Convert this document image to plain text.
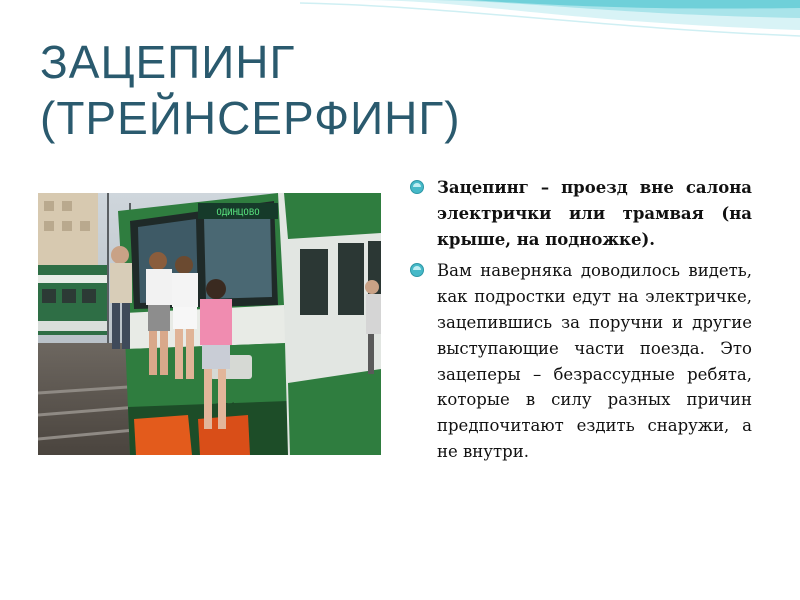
ЗАЦЕПИНГ
(ТРЕЙНСЕРФИНГ)
ОДИНЦОВО
Зацепинг – проезд вне салона электрички или трамвая (на крыше, на подножке).
Вам наверняка доводилось видеть, как подростки едут на электричке, зацепившись за поручни и другие выступающие части поезда. Это зацеперы – безрассудные ребята, которые в силу разных причин предпочитают ездить снаружи, а не внутри.
